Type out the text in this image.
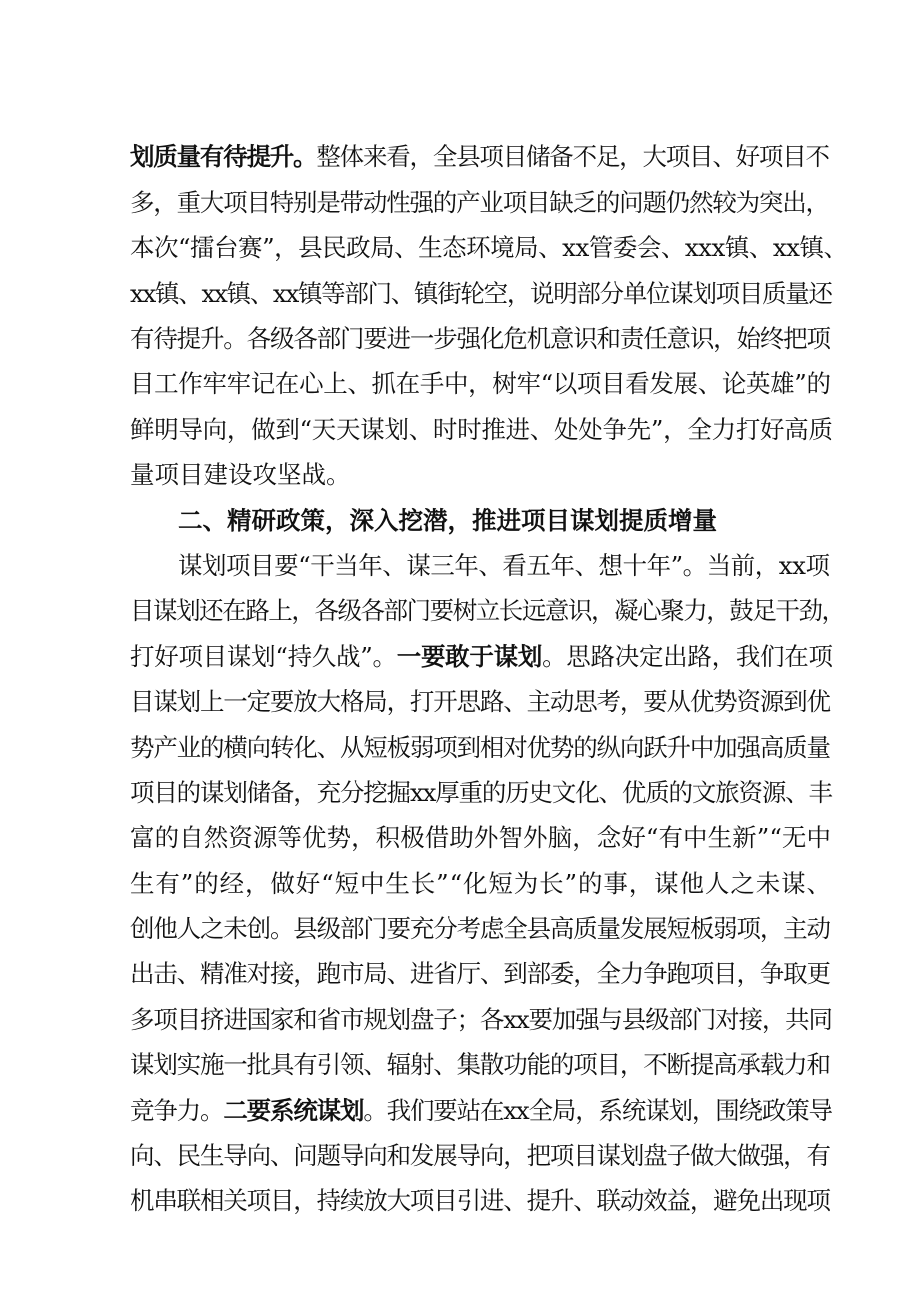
划质量有待提升。整体来看，全县项目储备不足，大项目、好项目不
多，重大项目特别是带动性强的产业项目缺乏的问题仍然较为突出，
本次“擂台赛”，县民政局、生态环境局、xx管委会、xxx镇、xx镇、
xx镇、xx镇、xx镇等部门、镇街轮空，说明部分单位谋划项目质量还
有待提升。各级各部门要进一步强化危机意识和责任意识，始终把项
目工作牢牢记在心上、抓在手中，树牢“以项目看发展、论英雄”的
鲜明导向，做到“天天谋划、时时推进、处处争先”，全力打好高质
量项目建设攻坚战。
二、精研政策，深入挖潜，推进项目谋划提质增量
谋划项目要“干当年、谋三年、看五年、想十年”。当前，xx项
目谋划还在路上，各级各部门要树立长远意识，凝心聚力，鼓足干劲，
打好项目谋划“持久战”。一要敢于谋划。思路决定出路，我们在项
目谋划上一定要放大格局，打开思路、主动思考，要从优势资源到优
势产业的横向转化、从短板弱项到相对优势的纵向跃升中加强高质量
项目的谋划储备，充分挖掘xx厚重的历史文化、优质的文旅资源、丰
富的自然资源等优势，积极借助外智外脑，念好“有中生新”“无中
生有”的经，做好“短中生长”“化短为长”的事，谋他人之未谋、
创他人之未创。县级部门要充分考虑全县高质量发展短板弱项，主动
出击、精准对接，跑市局、进省厅、到部委，全力争跑项目，争取更
多项目挤进国家和省市规划盘子；各xx要加强与县级部门对接，共同
谋划实施一批具有引领、辐射、集散功能的项目，不断提高承载力和
竞争力。二要系统谋划。我们要站在xx全局，系统谋划，围绕政策导
向、民生导向、问题导向和发展导向，把项目谋划盘子做大做强，有
机串联相关项目，持续放大项目引进、提升、联动效益，避免出现项
